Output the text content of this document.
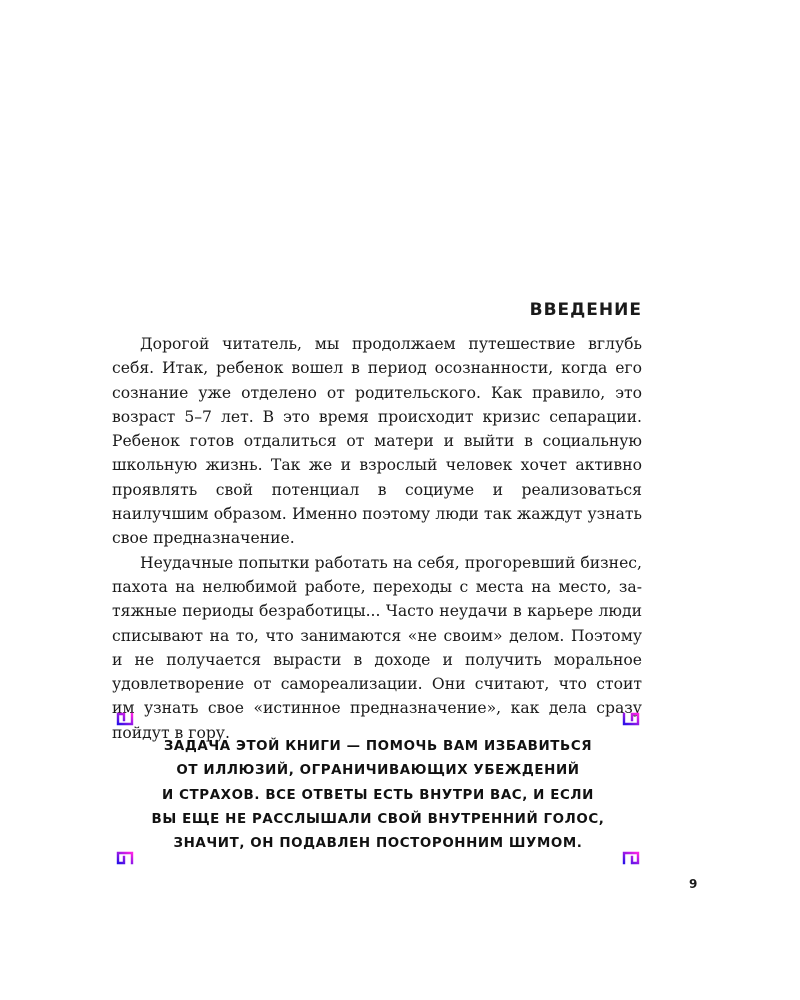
ВВЕДЕНИЕ

Дорогой читатель, мы продолжаем путешествие вглубь себя. Итак, ребенок вошел в период осознанности, когда его сознание уже отделено от родительского. Как правило, это возраст 5–7 лет. В это время происходит кризис сепарации. Ребенок готов отдалиться от матери и выйти в социальную школьную жизнь. Так же и взрослый человек хочет активно проявлять свой потенциал в социуме и реализоваться наилучшим образом. Именно поэтому люди так жаждут узнать свое предназначение.

Неудачные попытки работать на себя, прогоревший бизнес, пахота на нелюбимой работе, переходы с места на место, затяжные периоды безработицы... Часто неудачи в карьере люди списывают на то, что занимаются «не своим» делом. Поэтому и не получается вырасти в доходе и получить моральное удовлетворение от самореализации. Они считают, что стоит им узнать свое «истинное предназначение», как дела сразу пойдут в гору.

ЗАДАЧА ЭТОЙ КНИГИ — ПОМОЧЬ ВАМ ИЗБАВИТЬСЯ
ОТ ИЛЛЮЗИЙ, ОГРАНИЧИВАЮЩИХ УБЕЖДЕНИЙ
И СТРАХОВ. ВСЕ ОТВЕТЫ ЕСТЬ ВНУТРИ ВАС, И ЕСЛИ
ВЫ ЕЩЕ НЕ РАССЛЫШАЛИ СВОЙ ВНУТРЕННИЙ ГОЛОС,
ЗНАЧИТ, ОН ПОДАВЛЕН ПОСТОРОННИМ ШУМОМ.
9
